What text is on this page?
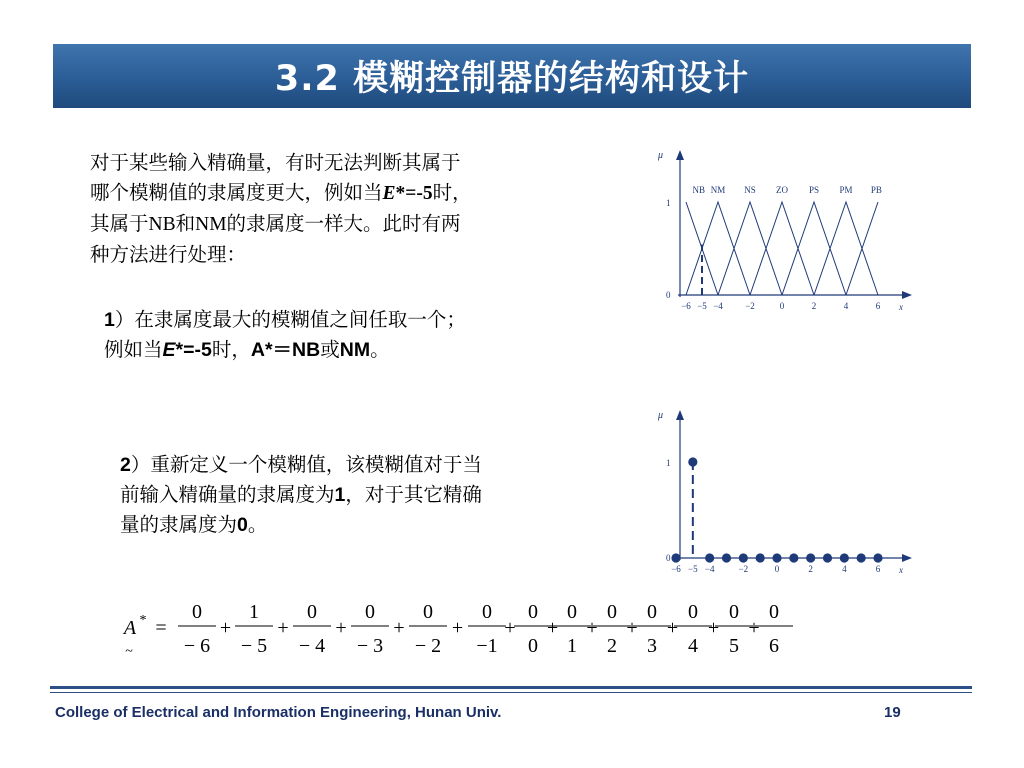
3.2 模糊控制器的结构和设计
对于某些输入精确量，有时无法判断其属于
哪个模糊值的隶属度更大，例如当E*=-5时，
其属于NB和NM的隶属度一样大。此时有两
种方法进行处理：
1）在隶属度最大的模糊值之间任取一个；
例如当E*=-5时，A*＝NB或NM。
2）重新定义一个模糊值，该模糊值对于当
前输入精确量的隶属度为1，对于其它精确
量的隶属度为0。
μ
x
0
1
−6 −5 −4 −2	0	2	4	6
NB NM NS ZO PS PM PB
μ
x
0
1
−6 −5 −4	−2	0	2	4	6
A *
~
=
0
− 6
+
1
− 5
+
0
− 4
+
0
− 3
+
0
− 2
+
0
−1
+
0
0
+
0
1
+
0
2
+
0
3
+
0
4
+
0
5
+
0
6
College of Electrical and Information Engineering, Hunan Univ.	19
